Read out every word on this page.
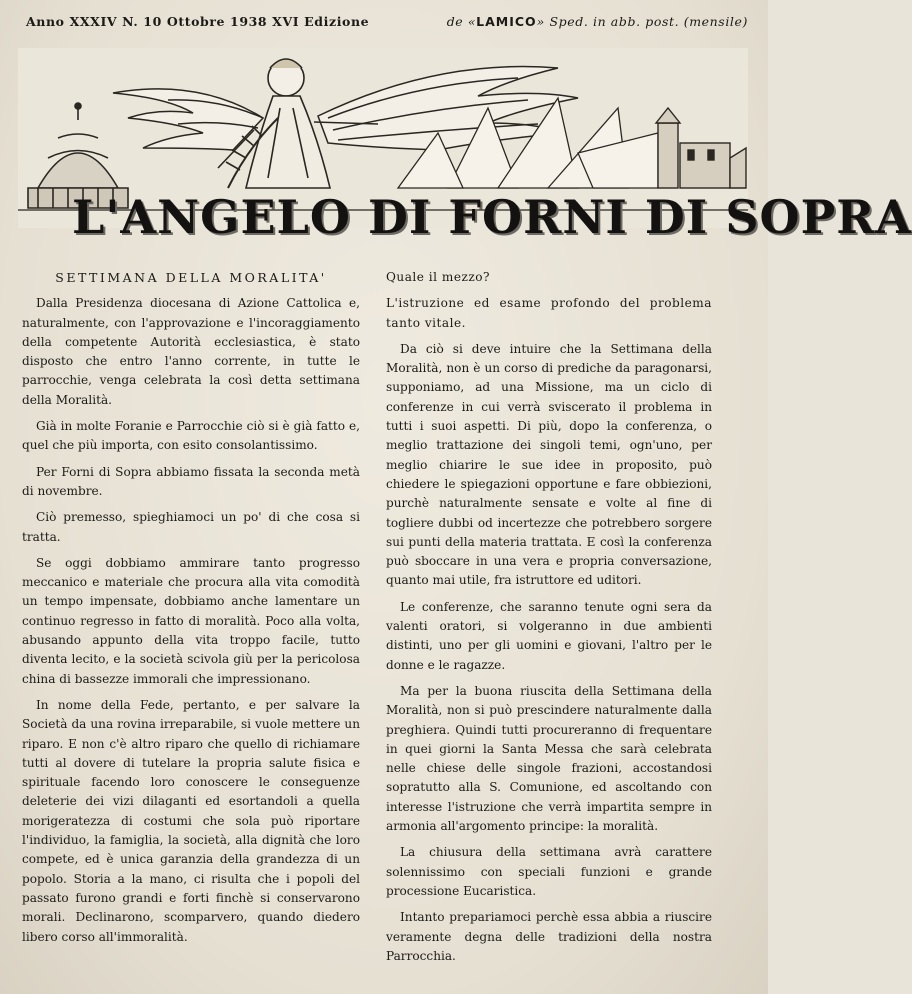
Anno XXXIV N. 10 Ottobre 1938 XVI Edizione	de «LAMICO» Sped. in abb. post. (mensile)
L'ANGELO DI FORNI DI SOPRA

SETTIMANA DELLA MORALITA'

Dalla Presidenza diocesana di Azione Cattolica e, naturalmente, con l'approvazione e l'incoraggiamento della competente Autorità ecclesiastica, è stato disposto che entro l'anno corrente, in tutte le parrocchie, venga celebrata la così detta settimana della Moralità.

Già in molte Foranie e Parrocchie ciò si è già fatto e, quel che più importa, con esito consolantissimo.

Per Forni di Sopra abbiamo fissata la seconda metà di novembre.

Ciò premesso, spieghiamoci un po' di che cosa si tratta.

Se oggi dobbiamo ammirare tanto progresso meccanico e materiale che procura alla vita comodità un tempo impensate, dobbiamo anche lamentare un continuo regresso in fatto di moralità. Poco alla volta, abusando appunto della vita troppo facile, tutto diventa lecito, e la società scivola giù per la pericolosa china di bassezze immorali che impressionano.

In nome della Fede, pertanto, e per salvare la Società da una rovina irreparabile, si vuole mettere un riparo. E non c'è altro riparo che quello di richiamare tutti al dovere di tutelare la propria salute fisica e spirituale facendo loro conoscere le conseguenze deleterie dei vizi dilaganti ed esortandoli a quella morigeratezza di costumi che sola può riportare l'individuo, la famiglia, la società, alla dignità che loro compete, ed è unica garanzia della grandezza di un popolo. Storia a la mano, ci risulta che i popoli del passato furono grandi e forti finchè si conservarono morali. Declinarono, scomparvero, quando diedero libero corso all'immoralità.

Quale il mezzo?

L'istruzione ed esame profondo del problema tanto vitale.

Da ciò si deve intuire che la Settimana della Moralità, non è un corso di prediche da paragonarsi, supponiamo, ad una Missione, ma un ciclo di conferenze in cui verrà sviscerato il problema in tutti i suoi aspetti. Di più, dopo la conferenza, o meglio trattazione dei singoli temi, ogn'uno, per meglio chiarire le sue idee in proposito, può chiedere le spiegazioni opportune e fare obbiezioni, purchè naturalmente sensate e volte al fine di togliere dubbi od incertezze che potrebbero sorgere sui punti della materia trattata. E così la conferenza può sboccare in una vera e propria conversazione, quanto mai utile, fra istruttore ed uditori.

Le conferenze, che saranno tenute ogni sera da valenti oratori, si volgeranno in due ambienti distinti, uno per gli uomini e giovani, l'altro per le donne e le ragazze.

Ma per la buona riuscita della Settimana della Moralità, non si può prescindere naturalmente dalla preghiera. Quindi tutti procureranno di frequentare in quei giorni la Santa Messa che sarà celebrata nelle chiese delle singole frazioni, accostandosi sopratutto alla S. Comunione, ed ascoltando con interesse l'istruzione che verrà impartita sempre in armonia all'argomento principe: la moralità.

La chiusura della settimana avrà carattere solennissimo con speciali funzioni e grande processione Eucaristica.

Intanto prepariamoci perchè essa abbia a riuscire veramente degna delle tradizioni della nostra Parrocchia.
